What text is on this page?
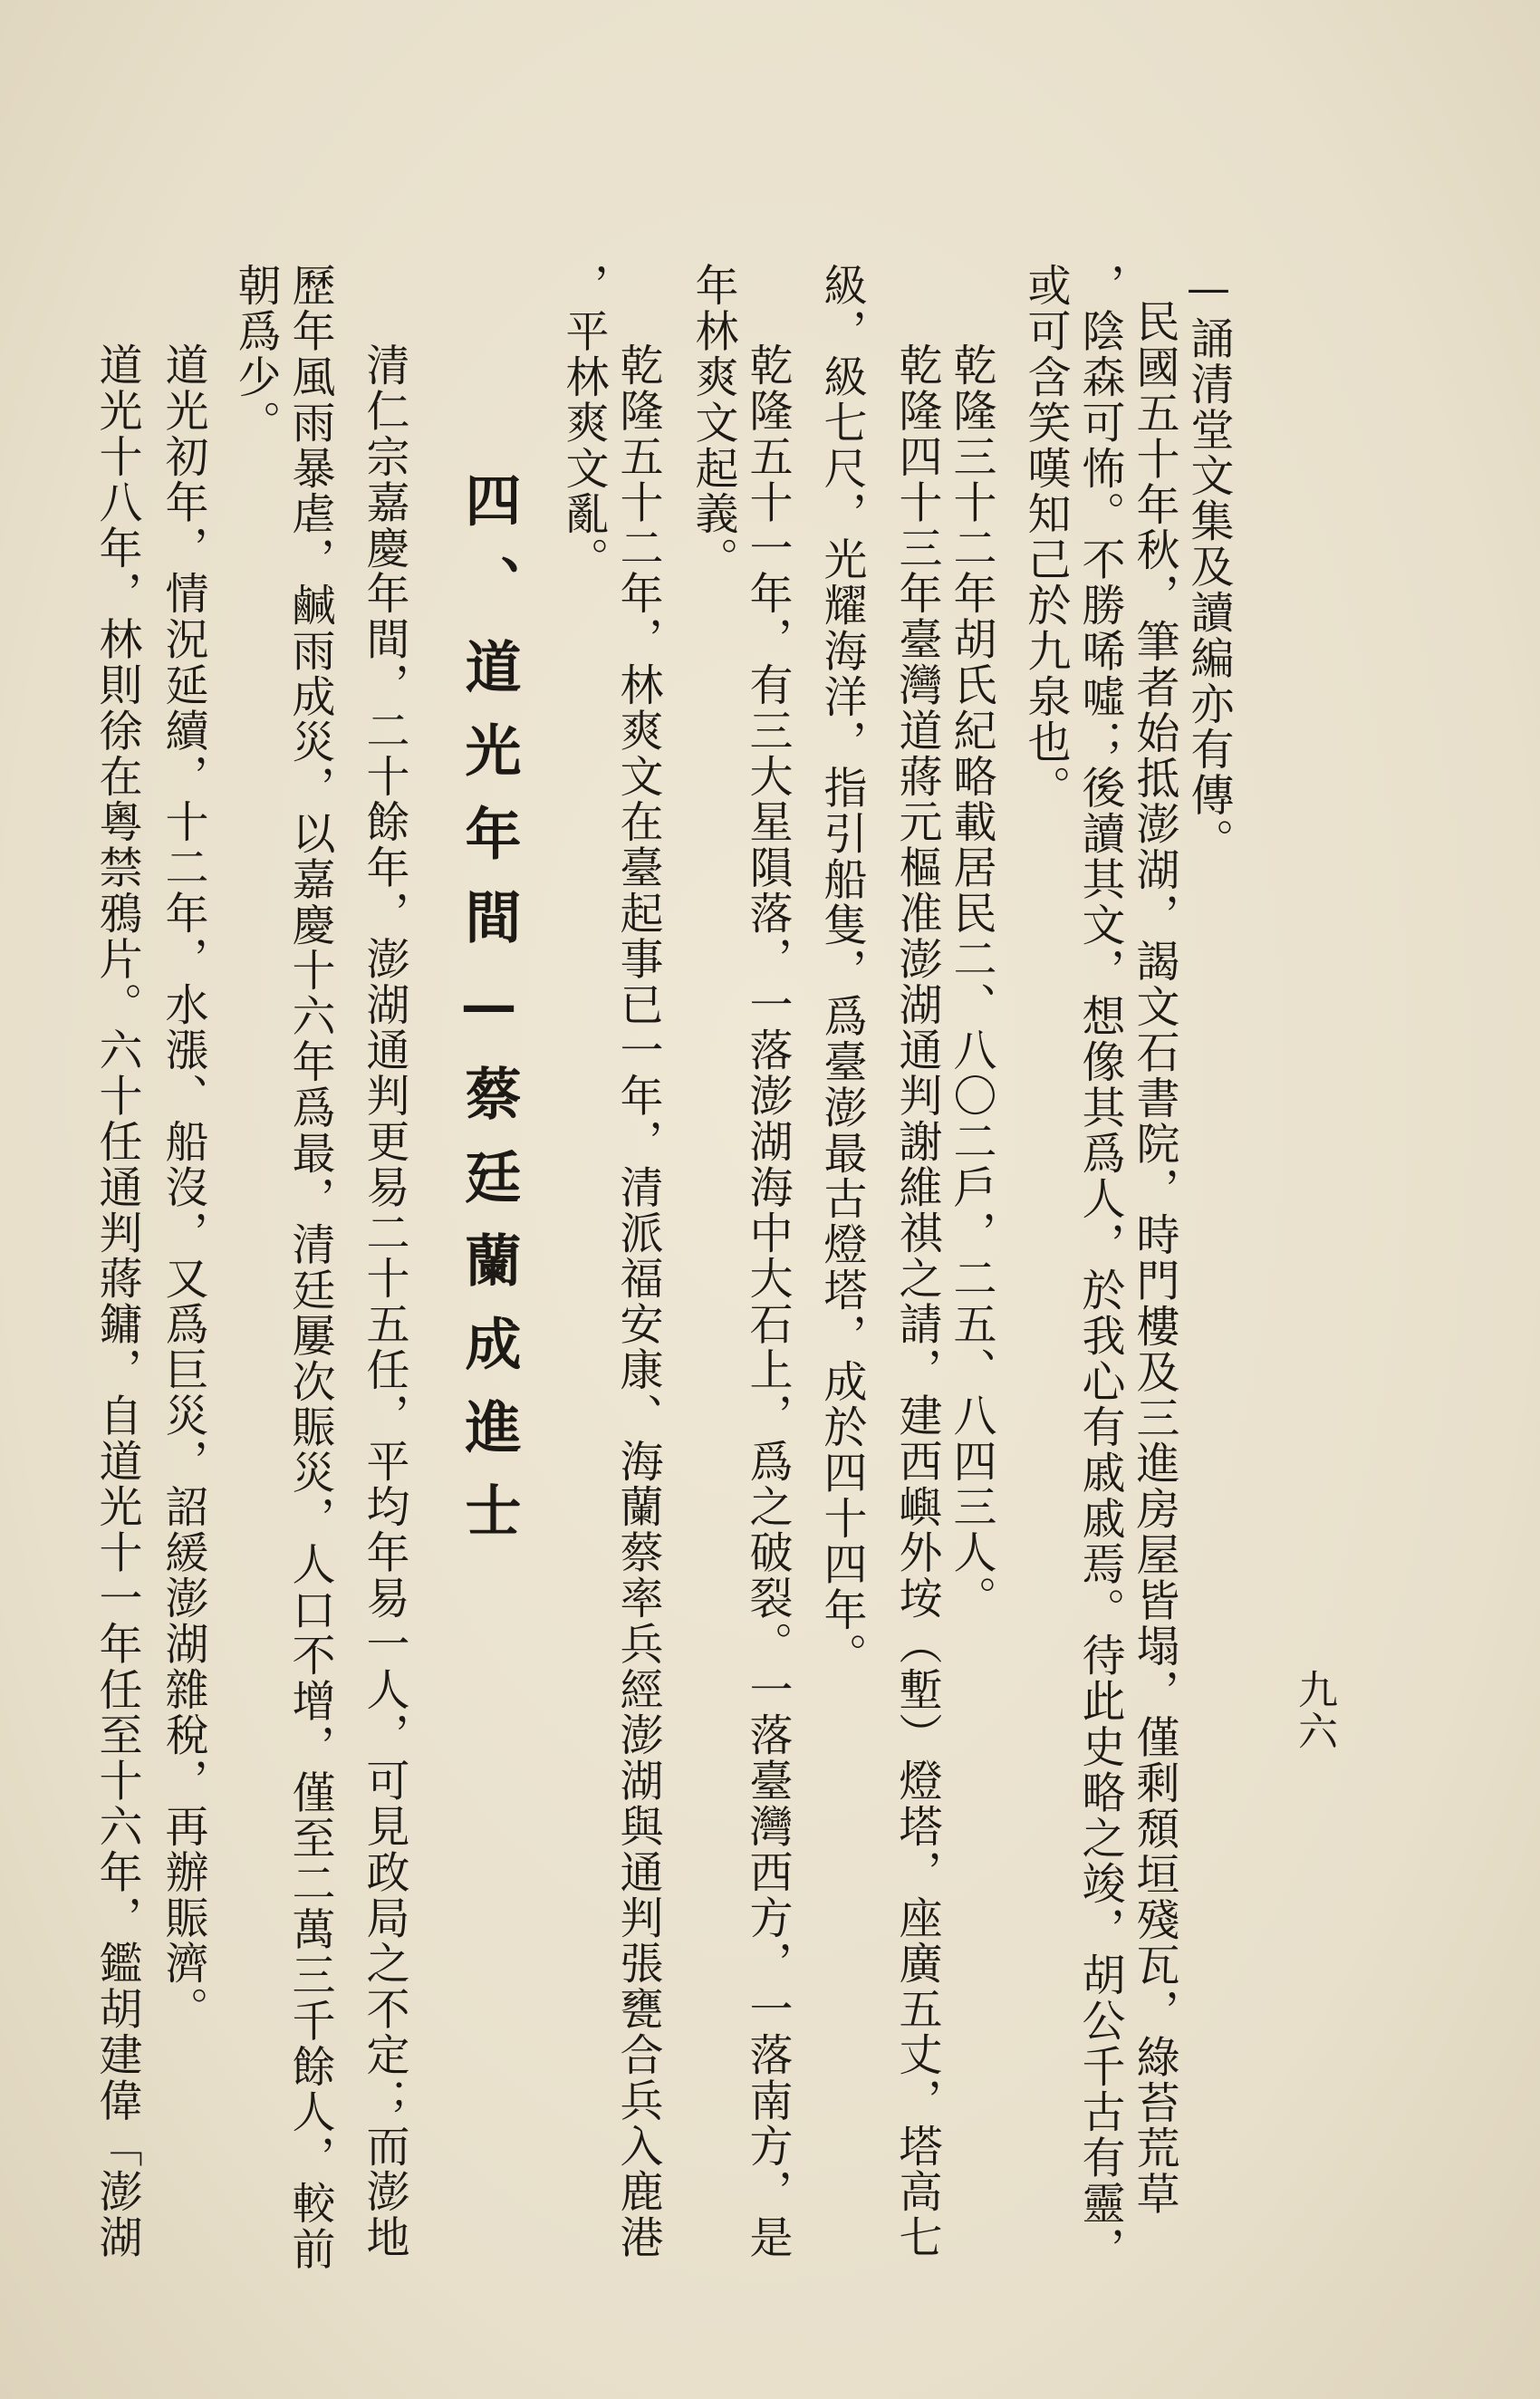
九六
—誦清堂文集及讀編亦有傳。
民國五十年秋，筆者始抵澎湖，謁文石書院，時門樓及三進房屋皆塌，僅剩頹垣殘瓦，綠苔荒草
，陰森可怖。不勝唏噓；後讀其文，想像其爲人，於我心有戚戚焉。待此史略之竣，胡公千古有靈，
或可含笑嘆知己於九泉也。
乾隆三十二年胡氏紀略載居民二、八〇二戶，二五、八四三人。
乾隆四十三年臺灣道蔣元樞准澎湖通判謝維祺之請，建西嶼外垵（塹）燈塔，座廣五丈，塔高七
級，級七尺，光耀海洋，指引船隻，爲臺澎最古燈塔，成於四十四年。
乾隆五十一年，有三大星隕落，一落澎湖海中大石上，爲之破裂。一落臺灣西方，一落南方，是
年林爽文起義。
乾隆五十二年，林爽文在臺起事已一年，清派福安康、海蘭蔡率兵經澎湖與通判張甕合兵入鹿港
，平林爽文亂。
四、道光年間—蔡廷蘭成進士
清仁宗嘉慶年間，二十餘年，澎湖通判更易二十五任，平均年易一人，可見政局之不定；而澎地
歷年風雨暴虐，鹹雨成災，以嘉慶十六年爲最，清廷屢次賑災，人口不增，僅至二萬三千餘人，較前
朝爲少。
道光初年，情況延續，十二年，水漲、船沒，又爲巨災，詔緩澎湖雜稅，再辦賑濟。
道光十八年，林則徐在粵禁鴉片。六十任通判蔣鏞，自道光十一年任至十六年，鑑胡建偉「澎湖
